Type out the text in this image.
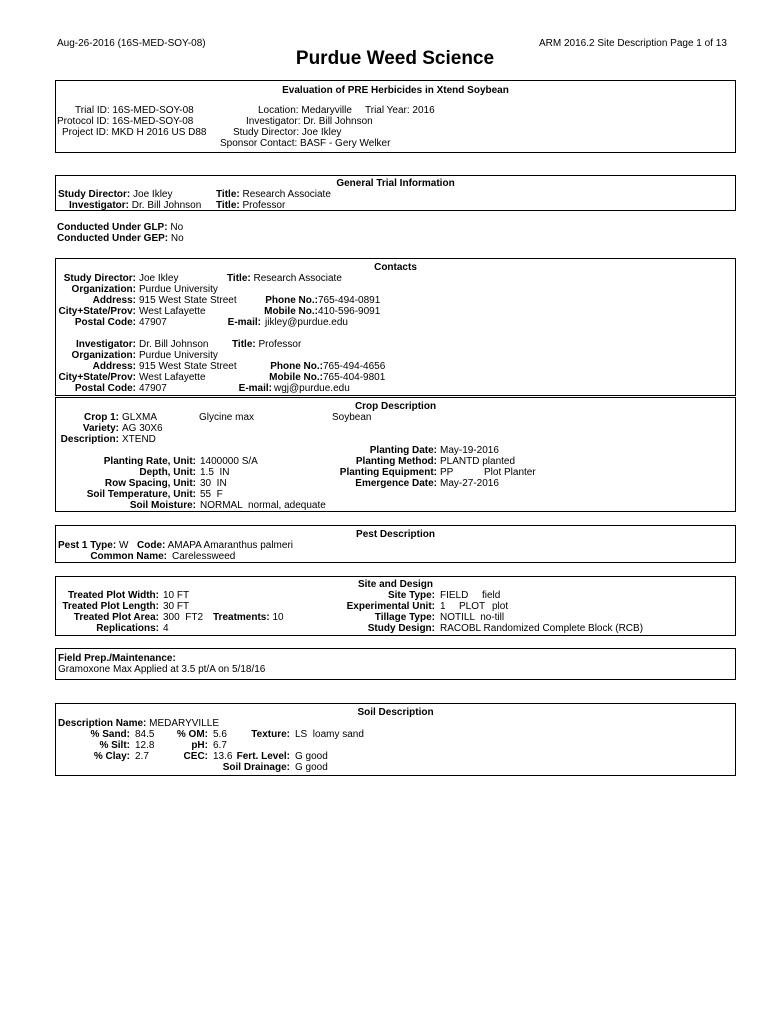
Aug-26-2016 (16S-MED-SOY-08)	ARM 2016.2 Site Description Page 1 of 13
Purdue Weed Science
Evaluation of PRE Herbicides in Xtend Soybean
Trial ID: 16S-MED-SOY-08
Protocol ID: 16S-MED-SOY-08
Project ID: MKD H 2016 US D88
Location: Medaryville Trial Year: 2016
Investigator: Dr. Bill Johnson
Study Director: Joe Ikley
Sponsor Contact: BASF - Gery Welker
General Trial Information
Study Director: Joe Ikley	Title: Research Associate
Investigator: Dr. Bill Johnson Title: Professor
Conducted Under GLP: No
Conducted Under GEP: No
Contacts
Study Director: Joe Ikley	Title: Research Associate
Organization: Purdue University
Address: 915 West State Street	Phone No.: 765-494-0891
City+State/Prov: West Lafayette	Mobile No.: 410-596-9091
Postal Code: 47907	E-mail: jikley@purdue.edu
Investigator: Dr. Bill Johnson Title: Professor
Organization: Purdue University
Address: 915 West State Street	Phone No.: 765-494-4656
City+State/Prov: West Lafayette	Mobile No.: 765-404-9801
Postal Code: 47907	E-mail: wgj@purdue.edu
Crop Description
Crop 1: GLXMA	Glycine max	Soybean
Variety: AG 30X6
Description: XTEND
Planting Rate, Unit: 1400000 S/A
Depth, Unit: 1.5  IN
Row Spacing, Unit: 30  IN
Soil Temperature, Unit: 55  F
Soil Moisture: NORMAL  normal, adequate
Planting Date: May-19-2016
Planting Method: PLANTD planted
Planting Equipment: PP	Plot Planter
Emergence Date: May-27-2016
Pest Description
Pest 1 Type: W Code: AMAPA Amaranthus palmeri
Common Name: Carelessweed
Site and Design
Treated Plot Width: 10 FT
Treated Plot Length: 30 FT
Treated Plot Area: 300  FT2 Treatments: 10
Replications: 4
Site Type: FIELD field
Experimental Unit: 1 PLOT plot
Tillage Type: NOTILL  no-till
Study Design: RACOBL Randomized Complete Block (RCB)
Field Prep./Maintenance:
Gramoxone Max Applied at 3.5 pt/A on 5/18/16
Soil Description
Description Name: MEDARYVILLE
% Sand: 84.5
% Silt: 12.8
% Clay: 2.7
% OM: 5.6
pH: 6.7
CEC: 13.6
Texture: LS  loamy sand
Fert. Level: G good
Soil Drainage: G good
